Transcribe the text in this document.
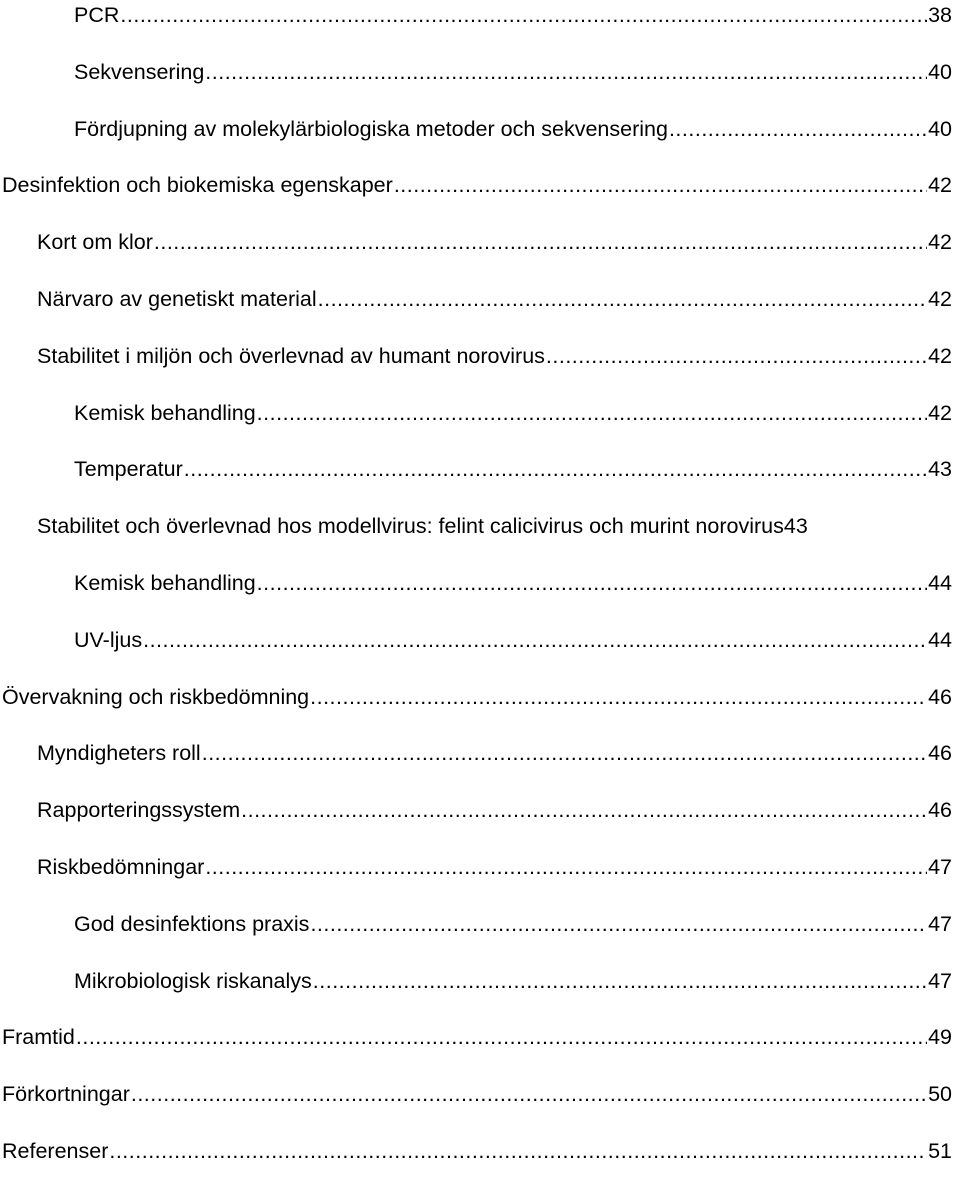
PCR .....	38
Sekvensering .....	40
Fördjupning av molekylärbiologiska metoder och sekvensering .....	40
Desinfektion och biokemiska egenskaper .....	42
Kort om klor .....	42
Närvaro av genetiskt material .....	42
Stabilitet i miljön och överlevnad av humant norovirus .....	42
Kemisk behandling .....	42
Temperatur .....	43
Stabilitet och överlevnad hos modellvirus: felint calicivirus och murint norovirus 43
Kemisk behandling .....	44
UV-ljus .....	44
Övervakning och riskbedömning .....	46
Myndigheters roll .....	46
Rapporteringssystem .....	46
Riskbedömningar .....	47
God desinfektions praxis .....	47
Mikrobiologisk riskanalys .....	47
Framtid .....	49
Förkortningar .....	50
Referenser .....	51
